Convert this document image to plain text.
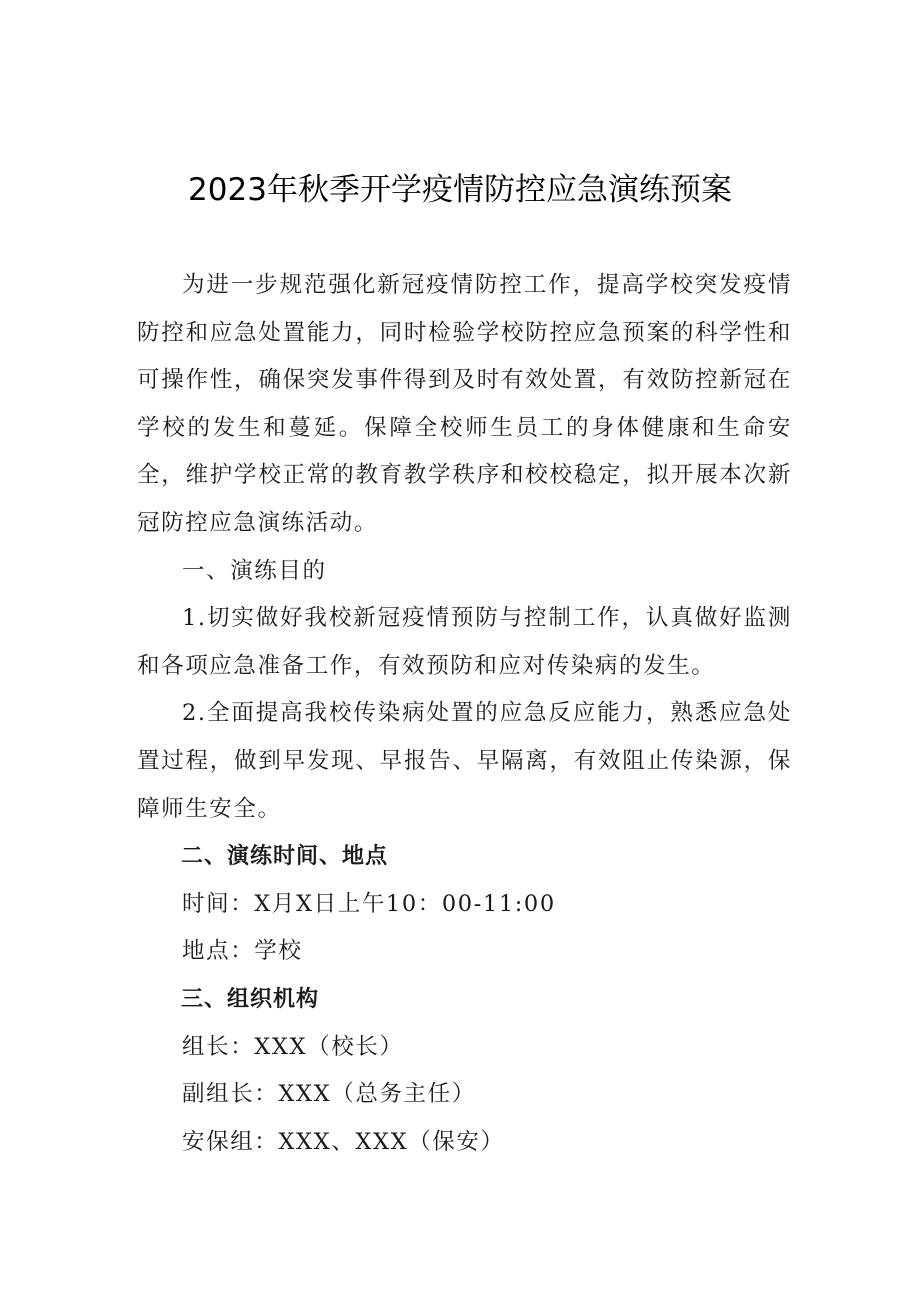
2023年秋季开学疫情防控应急演练预案

为进一步规范强化新冠疫情防控工作，提高学校突发疫情防控和应急处置能力，同时检验学校防控应急预案的科学性和可操作性，确保突发事件得到及时有效处置，有效防控新冠在学校的发生和蔓延。保障全校师生员工的身体健康和生命安全，维护学校正常的教育教学秩序和校校稳定，拟开展本次新冠防控应急演练活动。

一、演练目的

1.切实做好我校新冠疫情预防与控制工作，认真做好监测和各项应急准备工作，有效预防和应对传染病的发生。

2.全面提高我校传染病处置的应急反应能力，熟悉应急处置过程，做到早发现、早报告、早隔离，有效阻止传染源，保障师生安全。

二、演练时间、地点

时间：X月X日上午10：00-11:00

地点：学校

三、组织机构

组长：XXX（校长）

副组长：XXX（总务主任）

安保组：XXX、XXX（保安）
